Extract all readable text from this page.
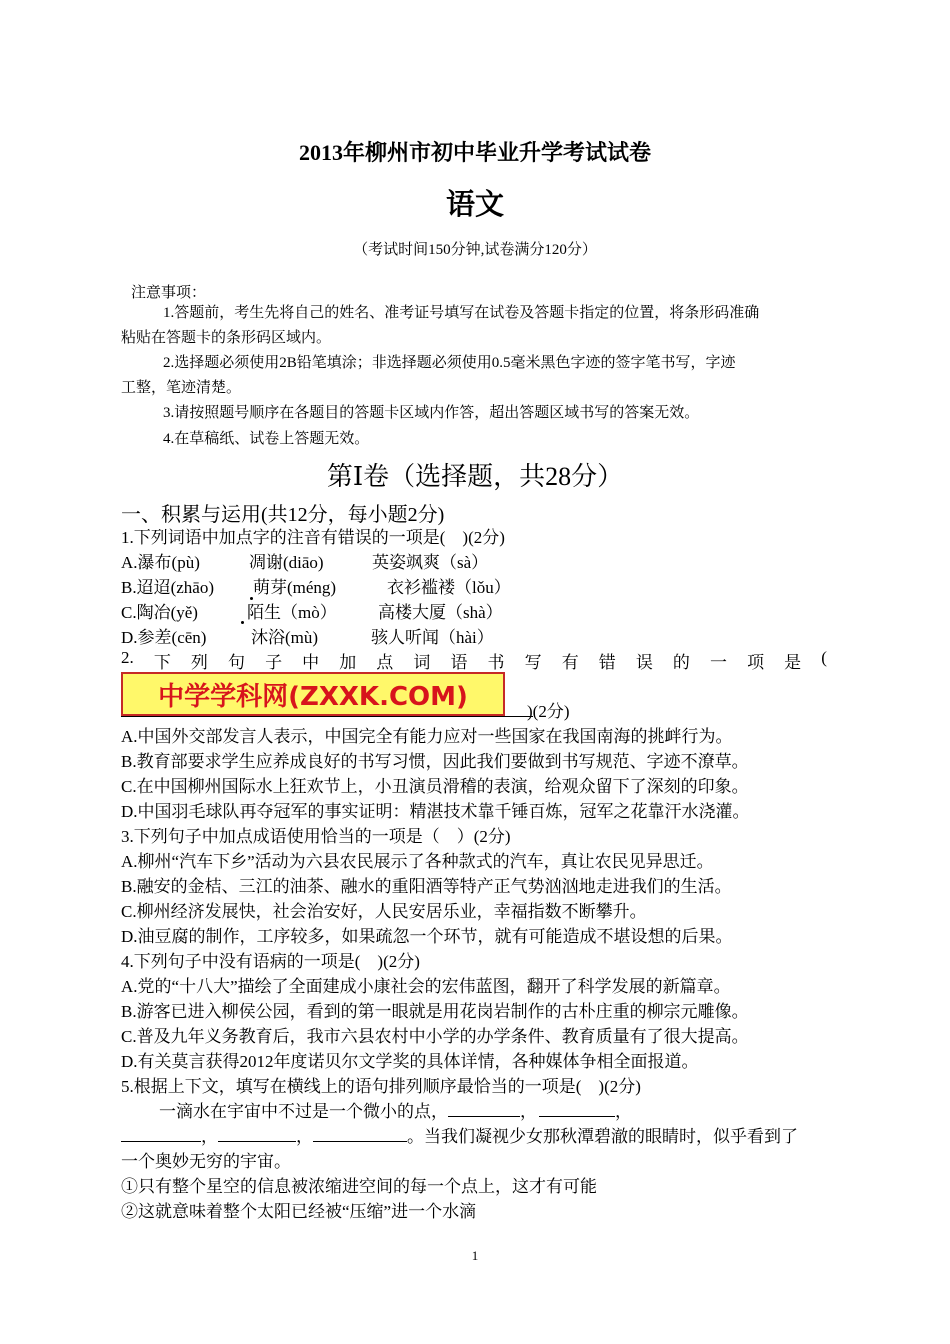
2013年柳州市初中毕业升学考试试卷
语文
（考试时间150分钟,试卷满分120分）
注意事项：
1.答题前，考生先将自己的姓名、准考证号填写在试卷及答题卡指定的位置，将条形码准确
粘贴在答题卡的条形码区域内。
2.选择题必须使用2B铅笔填涂；非选择题必须使用0.5毫米黑色字迹的签字笔书写，字迹
工整，笔迹清楚。
3.请按照题号顺序在各题目的答题卡区域内作答，超出答题区域书写的答案无效。
4.在草稿纸、试卷上答题无效。
第Ⅰ卷（选择题，共28分）
一、积累与运用(共12分，每小题2分)
1.下列词语中加点字的注音有错误的一项是(　)(2分)
A.瀑布(pù)	凋谢(diāo)	英姿飒爽（sà）
B.迢迢(zhāo) 萌芽(méng)	衣衫褴褛（lǒu）
C.陶冶(yě)	陌生（mò） 高楼大厦（shà）
D.参差(cēn)	沐浴(mù)	骇人听闻（hài）
2. 下 列 句 子 中 加 点 词 语 书 写 有 错 误 的 一 项 是 (
中学学科网(ZXXK.COM)	)(2分)
A.中国外交部发言人表示，中国完全有能力应对一些国家在我国南海的挑衅行为。
B.教育部要求学生应养成良好的书写习惯，因此我们要做到书写规范、字迹不潦草。
C.在中国柳州国际水上狂欢节上，小丑演员滑稽的表演，给观众留下了深刻的印象。
D.中国羽毛球队再夺冠军的事实证明：精湛技术靠千锤百炼，冠军之花靠汗水浇灌。
3.下列句子中加点成语使用恰当的一项是（　）(2分)
A.柳州“汽车下乡”活动为六县农民展示了各种款式的汽车，真让农民见异思迁。
B.融安的金桔、三江的油茶、融水的重阳酒等特产正气势汹汹地走进我们的生活。
C.柳州经济发展快，社会治安好，人民安居乐业，幸福指数不断攀升。
D.油豆腐的制作，工序较多，如果疏忽一个环节，就有可能造成不堪设想的后果。
4.下列句子中没有语病的一项是(　)(2分)
A.党的“十八大”描绘了全面建成小康社会的宏伟蓝图，翻开了科学发展的新篇章。
B.游客已进入柳侯公园，看到的第一眼就是用花岗岩制作的古朴庄重的柳宗元雕像。
C.普及九年义务教育后，我市六县农村中小学的办学条件、教育质量有了很大提高。
D.有关莫言获得2012年度诺贝尔文学奖的具体详情，各种媒体争相全面报道。
5.根据上下文，填写在横线上的语句排列顺序最恰当的一项是(　)(2分)
一滴水在宇宙中不过是一个微小的点，	，	，
，	，	。当我们凝视少女那秋潭碧澈的眼睛时，似乎看到了
一个奥妙无穷的宇宙。
①只有整个星空的信息被浓缩进空间的每一个点上，这才有可能
②这就意味着整个太阳已经被“压缩”进一个水滴
1
